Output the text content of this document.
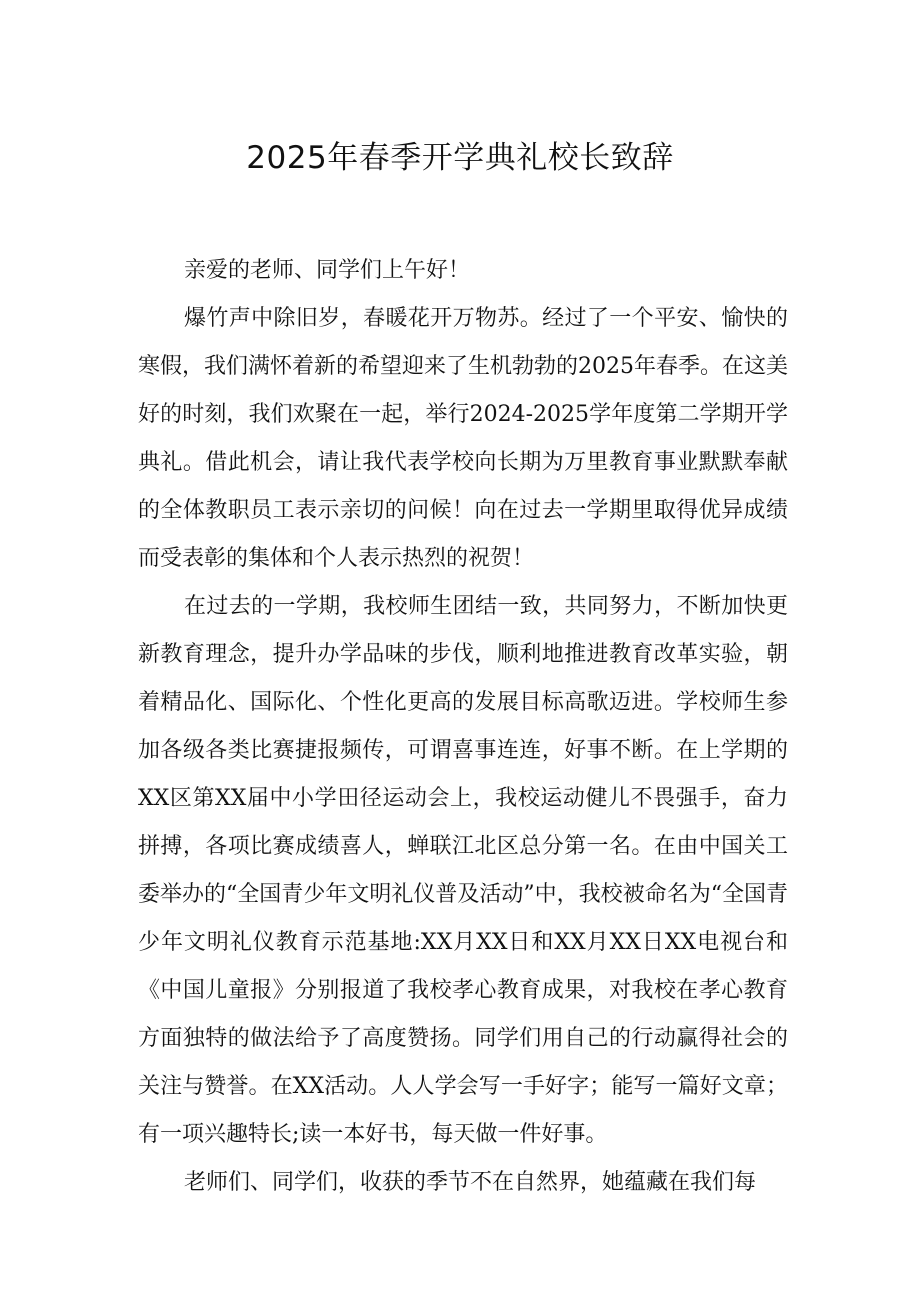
2025年春季开学典礼校长致辞

亲爱的老师、同学们上午好！

爆竹声中除旧岁，春暖花开万物苏。经过了一个平安、愉快的寒假，我们满怀着新的希望迎来了生机勃勃的2025年春季。在这美好的时刻，我们欢聚在一起，举行2024-2025学年度第二学期开学典礼。借此机会，请让我代表学校向长期为万里教育事业默默奉献的全体教职员工表示亲切的问候！向在过去一学期里取得优异成绩而受表彰的集体和个人表示热烈的祝贺！

在过去的一学期，我校师生团结一致，共同努力，不断加快更新教育理念，提升办学品味的步伐，顺利地推进教育改革实验，朝着精品化、国际化、个性化更高的发展目标高歌迈进。学校师生参加各级各类比赛捷报频传，可谓喜事连连，好事不断。在上学期的XX区第XX届中小学田径运动会上，我校运动健儿不畏强手，奋力拼搏，各项比赛成绩喜人，蝉联江北区总分第一名。在由中国关工委举办的“全国青少年文明礼仪普及活动”中，我校被命名为“全国青少年文明礼仪教育示范基地:XX月XX日和XX月XX日XX电视台和《中国儿童报》分别报道了我校孝心教育成果，对我校在孝心教育方面独特的做法给予了高度赞扬。同学们用自己的行动赢得社会的关注与赞誉。在XX活动。人人学会写一手好字；能写一篇好文章；有一项兴趣特长;读一本好书，每天做一件好事。

老师们、同学们，收获的季节不在自然界，她蕴藏在我们每
